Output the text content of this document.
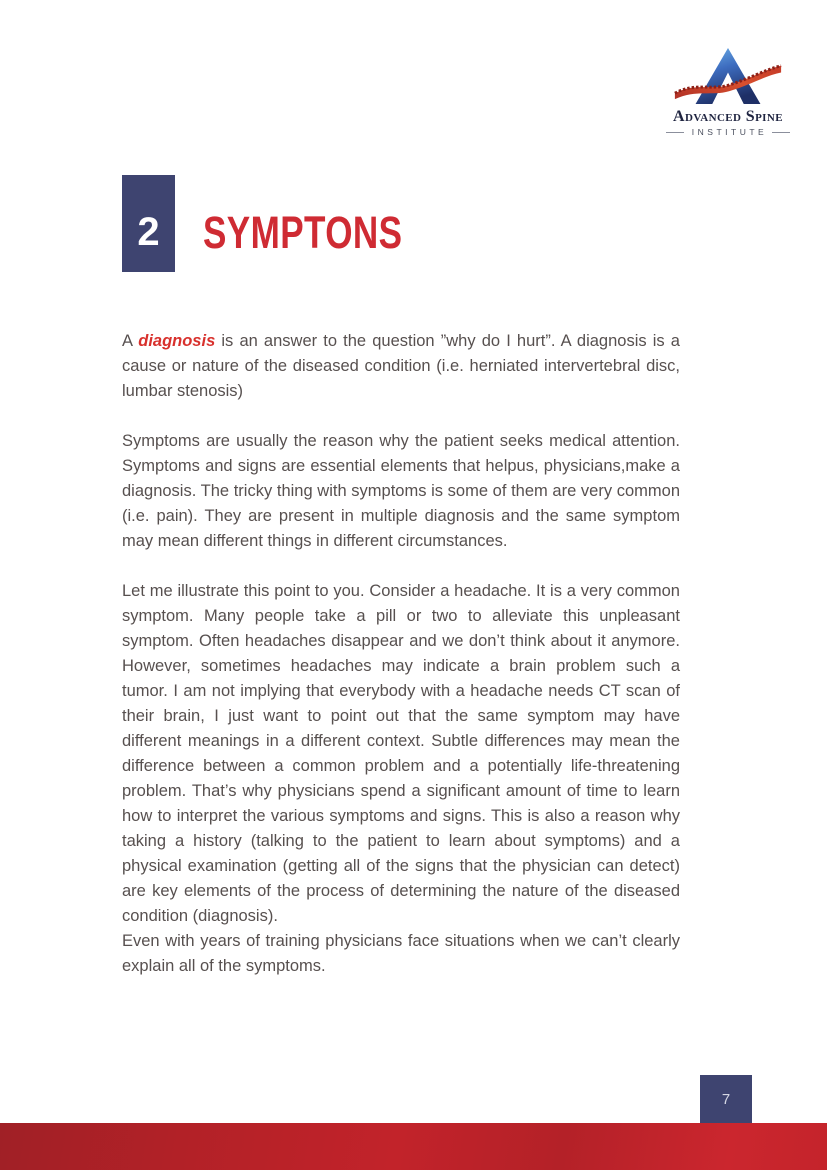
Advanced Spine
INSTITUTE
2 SYMPTONS

A diagnosis is an answer to the question ”why do I hurt”. A diagnosis is a cause or nature of the diseased condition (i.e. herniated intervertebral disc, lumbar stenosis)

Symptoms are usually the reason why the patient seeks medical attention. Symptoms and signs are essential elements that helpus, physicians,make a diagnosis. The tricky thing with symptoms is some of them are very common (i.e. pain). They are present in multiple diagnosis and the same symptom may mean different things in different circumstances.

Let me illustrate this point to you. Consider a headache. It is a very common symptom. Many people take a pill or two to alleviate this unpleasant symptom. Often headaches disappear and we don’t think about it anymore. However, sometimes headaches may indicate a brain problem such a tumor. I am not implying that everybody with a headache needs CT scan of their brain, I just want to point out that the same symptom may have different meanings in a different context. Subtle differences may mean the difference between a common problem and a potentially life-threatening problem. That’s why physicians spend a significant amount of time to learn how to interpret the various symptoms and signs. This is also a reason why taking a history (talking to the patient to learn about symptoms) and a physical examination (getting all of the signs that the physician can detect) are key elements of the process of determining the nature of the diseased condition (diagnosis).

Even with years of training physicians face situations when we can’t clearly explain all of the symptoms.

7
